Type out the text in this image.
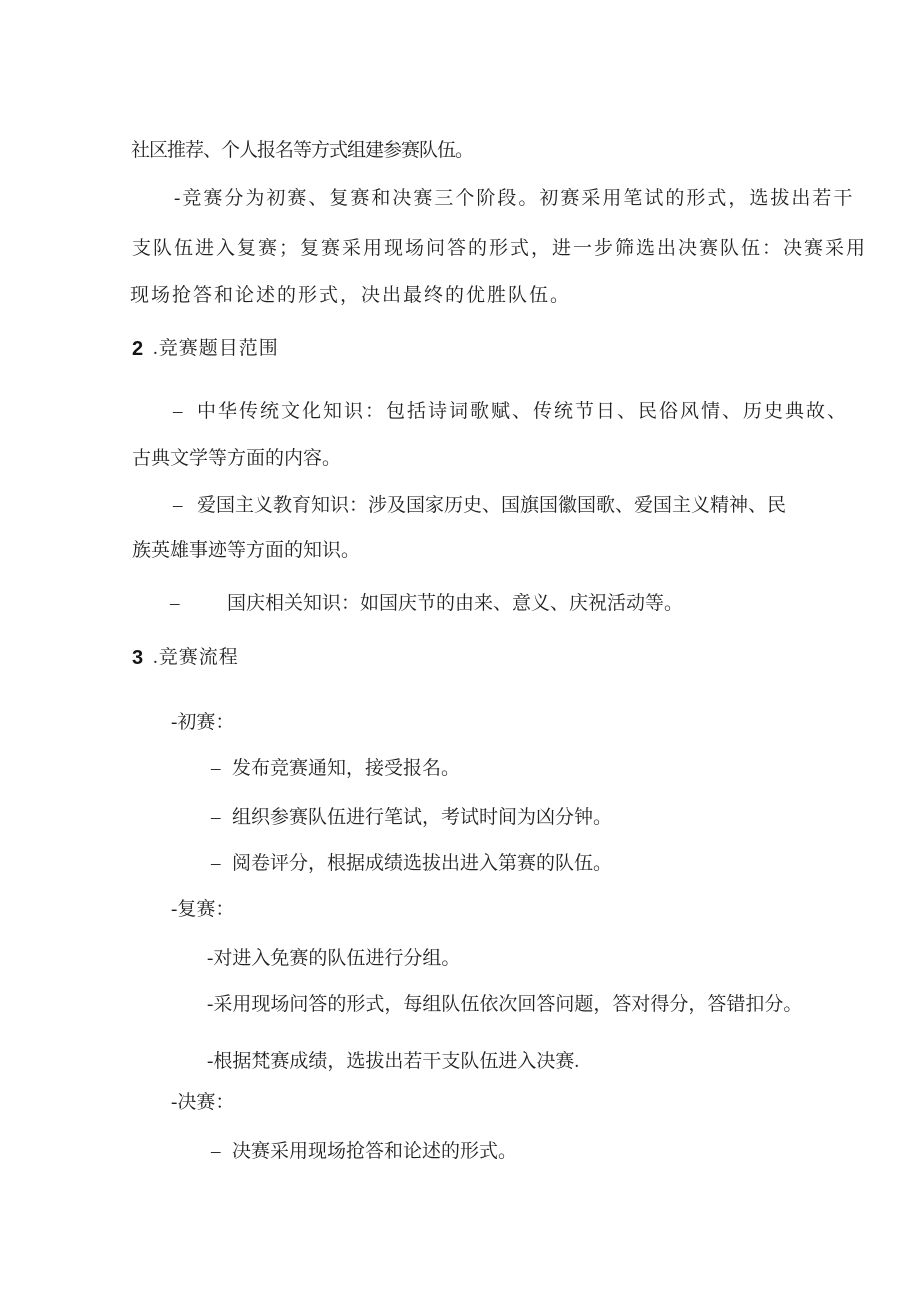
社区推荐、个人报名等方式组建参赛队伍。

-竞赛分为初赛、复赛和决赛三个阶段。初赛采用笔试的形式，选拔出若干

支队伍进入复赛；复赛采用现场问答的形式，进一步筛选出决赛队伍：决赛采用

现场抢答和论述的形式，决出最终的优胜队伍。

2 .竞赛题目范围

– 中华传统文化知识：包括诗词歌赋、传统节日、民俗风情、历史典故、

古典文学等方面的内容。

– 爱国主义教育知识：涉及国家历史、国旗国徽国歌、爱国主义精神、民

族英雄事迹等方面的知识。

–	国庆相关知识：如国庆节的由来、意义、庆祝活动等。

3 .竞赛流程

-初赛：

– 发布竞赛通知，接受报名。

– 组织参赛队伍进行笔试，考试时间为凶分钟。

– 阅卷评分，根据成绩选拔出进入第赛的队伍。

-复赛：

-对进入免赛的队伍进行分组。

-采用现场问答的形式，每组队伍依次回答问题，答对得分，答错扣分。

-根据梵赛成绩，选拔出若干支队伍进入决赛.

-决赛：

– 决赛采用现场抢答和论述的形式。
